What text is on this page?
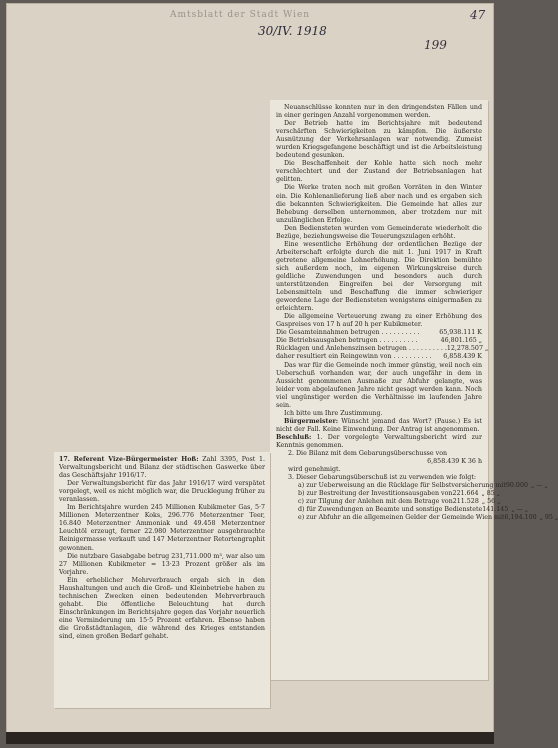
Amtsblatt der Stadt Wien
30/IV. 1918
199
47

Neuanschlüsse konnten nur in den dringendsten Fällen und in einer geringen Anzahl vorgenommen werden.

Der Betrieb hatte im Berichtsjahre mit bedeutend verschärften Schwierigkeiten zu kämpfen. Die äußerste Ausnützung der Verkehrsanlagen war notwendig. Zumeist wurden Kriegsgefangene beschäftigt und ist die Arbeitsleistung bedeutend gesunken.

Die Beschaffenheit der Kohle hatte sich noch mehr verschlechtert und der Zustand der Betriebsanlagen hat gelitten.

Die Werke traten noch mit großen Vorräten in den Winter ein. Die Kohlenanlieferung ließ aber nach und es ergaben sich die bekannten Schwierigkeiten. Die Gemeinde hat alles zur Behebung derselben unternommen, aber trotzdem nur mit unzulänglichen Erfolge.

Den Bediensteten wurden vom Gemeinderate wiederholt die Bezüge, beziehungsweise die Teuerungszulagen erhöht.

Eine wesentliche Erhöhung der ordentlichen Bezüge der Arbeiterschaft erfolgte durch die mit 1. Juni 1917 in Kraft getretene allgemeine Lohnerhöhung. Die Direktion bemühte sich außerdem noch, im eigenen Wirkungskreise durch geldliche Zuwendungen und besonders auch durch unterstützenden Eingreifen bei der Versorgung mit Lebensmitteln und Beschaffung die immer schwieriger gewordene Lage der Bediensteten wenigstens einigermaßen zu erleichtern.

Die allgemeine Verteuerung zwang zu einer Erhöhung des Gaspreises von 17 h auf 20 h per Kubikmeter.

Die Gesamteinnahmen betrugen . . . . . . . . . .	65,938.111 K
Die Betriebsausgaben betrugen . . . . . . . . . .	46,801.165 „
Rücklagen und Anlehenszinsen betrugen . . . . . . . . . . 12,278.507 „
daher resultiert ein Reingewinn von . . . . . . . . . . 6,858.439 K

Das war für die Gemeinde noch immer günstig, weil noch ein Ueberschuß vorhanden war, der auch ungefähr in dem in Aussicht genommenen Ausmaße zur Abfuhr gelangte, was leider vom abgelaufenen Jahre nicht gesagt werden kann. Noch viel ungünstiger werden die Verhältnisse im laufenden Jahre sein.

Ich bitte um Ihre Zustimmung.

Bürgermeister: Wünscht jemand das Wort? (Pause.) Es ist nicht der Fall. Keine Einwendung. Der Antrag ist angenommen.

Beschluß: 1. Der vorgelegte Verwaltungsbericht wird zur Kenntnis genommen.

2. Die Bilanz mit dem Gebarungsüberschusse von

6,858.439 K 36 h

wird genehmigt.

3. Dieser Gebarungsüberschuß ist zu verwenden wie folgt:

a) zur Ueberweisung an die Rücklage für Selbstversicherung mit 90.000 „ — „
b) zur Bestreitung der Investitionsausgaben von 221.664 „ 85 „
c) zur Tilgung der Anlehen mit dem Betrage von 211.528 „ 56 „
d) für Zuwendungen an Beamte und sonstige Bedienstete 141.145 „ — „
e) zur Abfuhr an die allgemeinen Gelder der Gemeinde Wien mit 6,194.100 „ 95 „

17. Referent Vize-Bürgermeister Hoß: Zahl 3395, Post 1. Verwaltungsbericht und Bilanz der städtischen Gaswerke über das Geschäftsjahr 1916/17.

Der Verwaltungsbericht für das Jahr 1916/17 wird verspätet vorgelegt, weil es nicht möglich war, die Drucklegung früher zu veranlassen.

Im Berichtsjahre wurden 245 Millionen Kubikmeter Gas, 5·7 Millionen Meterzentner Koks, 296.776 Meterzentner Teer, 16.840 Meterzentner Ammoniak und 49.458 Meterzentner Leuchtöl erzeugt, ferner 22.980 Meterzentner ausgebrauchte Reinigermasse verkauft und 147 Meterzentner Retortengraphit gewonnen.

Die nutzbare Gasabgabe betrug 231,711.000 m³, war also um 27 Millionen Kubikmeter = 13·23 Prozent größer als im Vorjahre.

Ein erheblicher Mehrverbrauch ergab sich in den Haushaltungen und auch die Groß- und Kleinbetriebe haben zu technischen Zwecken einen bedeutenden Mehrverbrauch gehabt. Die öffentliche Beleuchtung hat durch Einschränkungen im Berichtsjahre gegen das Vorjahr neuerlich eine Verminderung um 15·5 Prozent erfahren. Ebenso haben die Großstädtanlagen, die während des Krieges entstanden sind, einen großen Bedarf gehabt.
